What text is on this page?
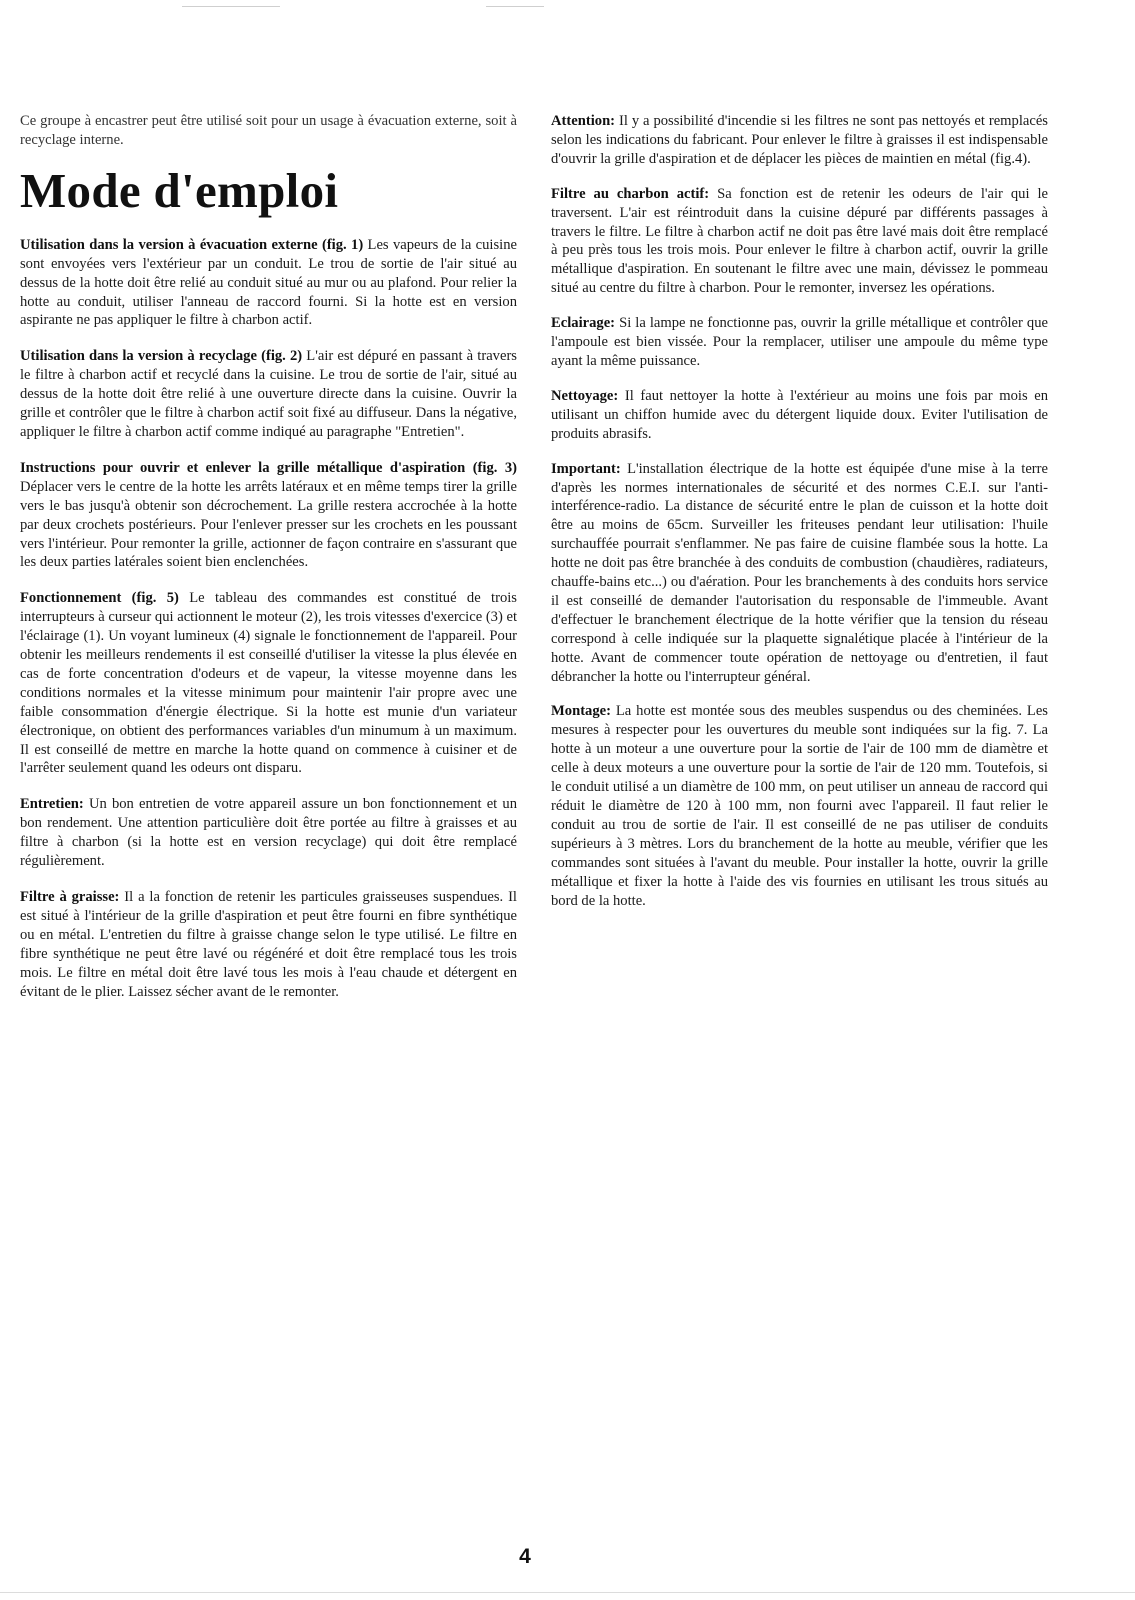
Ce groupe à encastrer peut être utilisé soit pour un usage à évacuation externe, soit à recyclage interne.

Mode d'emploi

Utilisation dans la version à évacuation externe (fig. 1) Les vapeurs de la cuisine sont envoyées vers l'extérieur par un conduit. Le trou de sortie de l'air situé au dessus de la hotte doit être relié au conduit situé au mur ou au plafond. Pour relier la hotte au conduit, utiliser l'anneau de raccord fourni. Si la hotte est en version aspirante ne pas appliquer le filtre à charbon actif.

Utilisation dans la version à recyclage (fig. 2) L'air est dépuré en passant à travers le filtre à charbon actif et recyclé dans la cuisine. Le trou de sortie de l'air, situé au dessus de la hotte doit être relié à une ouverture directe dans la cuisine. Ouvrir la grille et contrôler que le filtre à charbon actif soit fixé au diffuseur. Dans la négative, appliquer le filtre à charbon actif comme indiqué au paragraphe "Entretien".

Instructions pour ouvrir et enlever la grille métallique d'aspiration (fig. 3) Déplacer vers le centre de la hotte les arrêts latéraux et en même temps tirer la grille vers le bas jusqu'à obtenir son décrochement. La grille restera accrochée à la hotte par deux crochets postérieurs. Pour l'enlever presser sur les crochets en les poussant vers l'intérieur. Pour remonter la grille, actionner de façon contraire en s'assurant que les deux parties latérales soient bien enclenchées.

Fonctionnement (fig. 5) Le tableau des commandes est constitué de trois interrupteurs à curseur qui actionnent le moteur (2), les trois vitesses d'exercice (3) et l'éclairage (1). Un voyant lumineux (4) signale le fonctionnement de l'appareil. Pour obtenir les meilleurs rendements il est conseillé d'utiliser la vitesse la plus élevée en cas de forte concentration d'odeurs et de vapeur, la vitesse moyenne dans les conditions normales et la vitesse minimum pour maintenir l'air propre avec une faible consommation d'énergie électrique. Si la hotte est munie d'un variateur électronique, on obtient des performances variables d'un minumum à un maximum. Il est conseillé de mettre en marche la hotte quand on commence à cuisiner et de l'arrêter seulement quand les odeurs ont disparu.

Entretien: Un bon entretien de votre appareil assure un bon fonctionnement et un bon rendement. Une attention particulière doit être portée au filtre à graisses et au filtre à charbon (si la hotte est en version recyclage) qui doit être remplacé régulièrement.

Filtre à graisse: Il a la fonction de retenir les particules graisseuses suspendues. Il est situé à l'intérieur de la grille d'aspiration et peut être fourni en fibre synthétique ou en métal. L'entretien du filtre à graisse change selon le type utilisé. Le filtre en fibre synthétique ne peut être lavé ou régénéré et doit être remplacé tous les trois mois. Le filtre en métal doit être lavé tous les mois à l'eau chaude et détergent en évitant de le plier. Laissez sécher avant de le remonter.

Attention: Il y a possibilité d'incendie si les filtres ne sont pas nettoyés et remplacés selon les indications du fabricant. Pour enlever le filtre à graisses il est indispensable d'ouvrir la grille d'aspiration et de déplacer les pièces de maintien en métal (fig.4).

Filtre au charbon actif: Sa fonction est de retenir les odeurs de l'air qui le traversent. L'air est réintroduit dans la cuisine dépuré par différents passages à travers le filtre. Le filtre à charbon actif ne doit pas être lavé mais doit être remplacé à peu près tous les trois mois. Pour enlever le filtre à charbon actif, ouvrir la grille métallique d'aspiration. En soutenant le filtre avec une main, dévissez le pommeau situé au centre du filtre à charbon. Pour le remonter, inversez les opérations.

Eclairage: Si la lampe ne fonctionne pas, ouvrir la grille métallique et contrôler que l'ampoule est bien vissée. Pour la remplacer, utiliser une ampoule du même type ayant la même puissance.

Nettoyage: Il faut nettoyer la hotte à l'extérieur au moins une fois par mois en utilisant un chiffon humide avec du détergent liquide doux. Eviter l'utilisation de produits abrasifs.

Important: L'installation électrique de la hotte est équipée d'une mise à la terre d'après les normes internationales de sécurité et des normes C.E.I. sur l'anti-interférence-radio. La distance de sécurité entre le plan de cuisson et la hotte doit être au moins de 65cm. Surveiller les friteuses pendant leur utilisation: l'huile surchauffée pourrait s'enflammer. Ne pas faire de cuisine flambée sous la hotte. La hotte ne doit pas être branchée à des conduits de combustion (chaudières, radiateurs, chauffe-bains etc...) ou d'aération. Pour les branchements à des conduits hors service il est conseillé de demander l'autorisation du responsable de l'immeuble. Avant d'effectuer le branchement électrique de la hotte vérifier que la tension du réseau correspond à celle indiquée sur la plaquette signalétique placée à l'intérieur de la hotte. Avant de commencer toute opération de nettoyage ou d'entretien, il faut débrancher la hotte ou l'interrupteur général.

Montage: La hotte est montée sous des meubles suspendus ou des cheminées. Les mesures à respecter pour les ouvertures du meuble sont indiquées sur la fig. 7. La hotte à un moteur a une ouverture pour la sortie de l'air de 100 mm de diamètre et celle à deux moteurs a une ouverture pour la sortie de l'air de 120 mm. Toutefois, si le conduit utilisé a un diamètre de 100 mm, on peut utiliser un anneau de raccord qui réduit le diamètre de 120 à 100 mm, non fourni avec l'appareil. Il faut relier le conduit au trou de sortie de l'air. Il est conseillé de ne pas utiliser de conduits supérieurs à 3 mètres. Lors du branchement de la hotte au meuble, vérifier que les commandes sont situées à l'avant du meuble. Pour installer la hotte, ouvrir la grille métallique et fixer la hotte à l'aide des vis fournies en utilisant les trous situés au bord de la hotte.

4
